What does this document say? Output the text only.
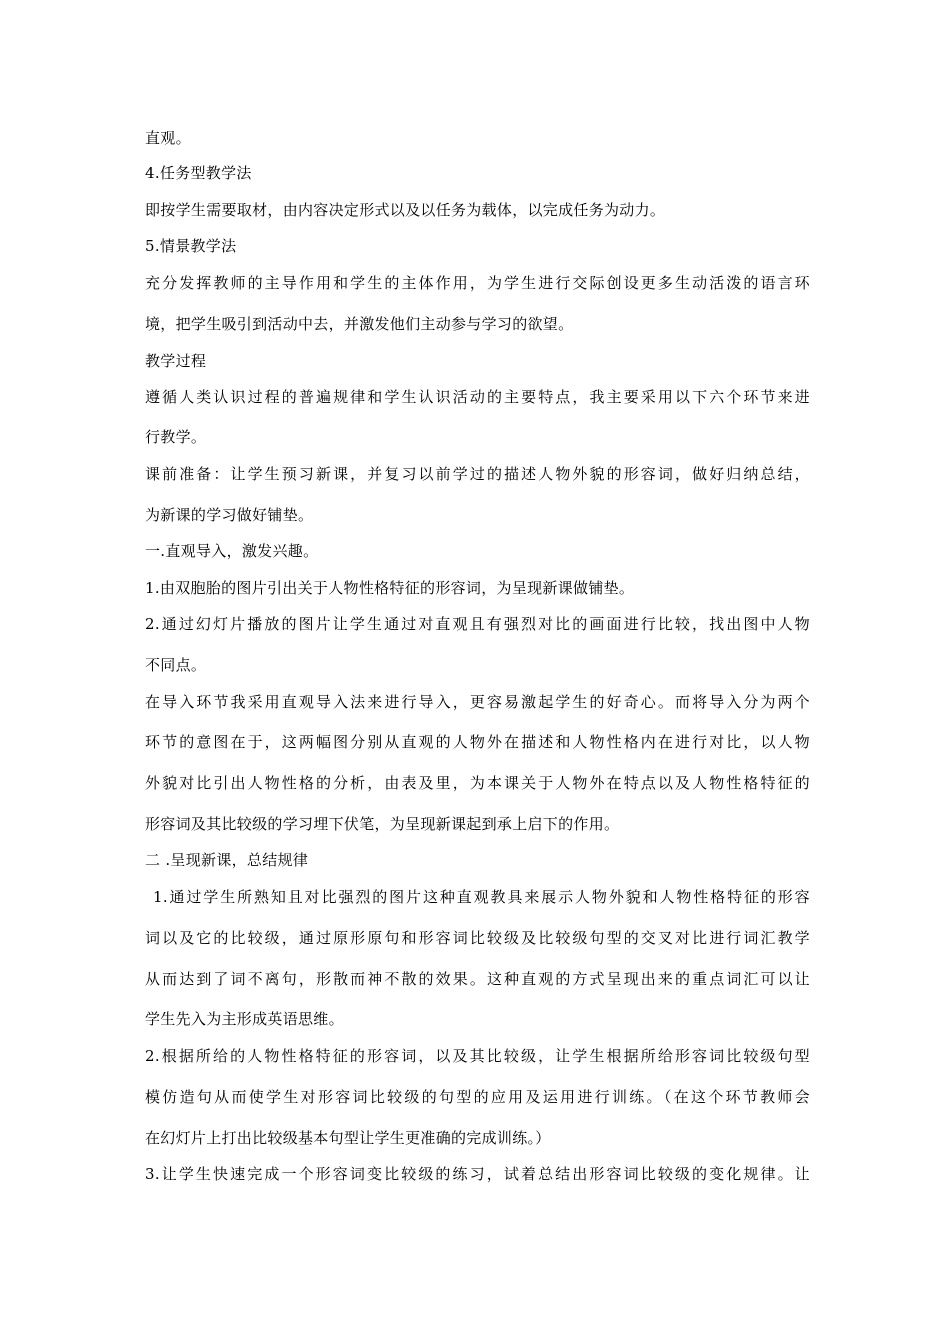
直观。
4.任务型教学法
即按学生需要取材，由内容决定形式以及以任务为载体，以完成任务为动力。
5.情景教学法
充分发挥教师的主导作用和学生的主体作用，为学生进行交际创设更多生动活泼的语言环
境，把学生吸引到活动中去，并激发他们主动参与学习的欲望。
教学过程
遵循人类认识过程的普遍规律和学生认识活动的主要特点，我主要采用以下六个环节来进
行教学。
课前准备：让学生预习新课，并复习以前学过的描述人物外貌的形容词，做好归纳总结，
为新课的学习做好铺垫。
一.直观导入，激发兴趣。
1.由双胞胎的图片引出关于人物性格特征的形容词，为呈现新课做铺垫。
2.通过幻灯片播放的图片让学生通过对直观且有强烈对比的画面进行比较，找出图中人物
不同点。
在导入环节我采用直观导入法来进行导入，更容易激起学生的好奇心。而将导入分为两个
环节的意图在于，这两幅图分别从直观的人物外在描述和人物性格内在进行对比，以人物
外貌对比引出人物性格的分析，由表及里，为本课关于人物外在特点以及人物性格特征的
形容词及其比较级的学习埋下伏笔，为呈现新课起到承上启下的作用。
二 .呈现新课，总结规律
1.通过学生所熟知且对比强烈的图片这种直观教具来展示人物外貌和人物性格特征的形容
词以及它的比较级，通过原形原句和形容词比较级及比较级句型的交叉对比进行词汇教学
从而达到了词不离句，形散而神不散的效果。这种直观的方式呈现出来的重点词汇可以让
学生先入为主形成英语思维。
2.根据所给的人物性格特征的形容词，以及其比较级，让学生根据所给形容词比较级句型
模仿造句从而使学生对形容词比较级的句型的应用及运用进行训练。（在这个环节教师会
在幻灯片上打出比较级基本句型让学生更准确的完成训练。）
3.让学生快速完成一个形容词变比较级的练习，试着总结出形容词比较级的变化规律。让
